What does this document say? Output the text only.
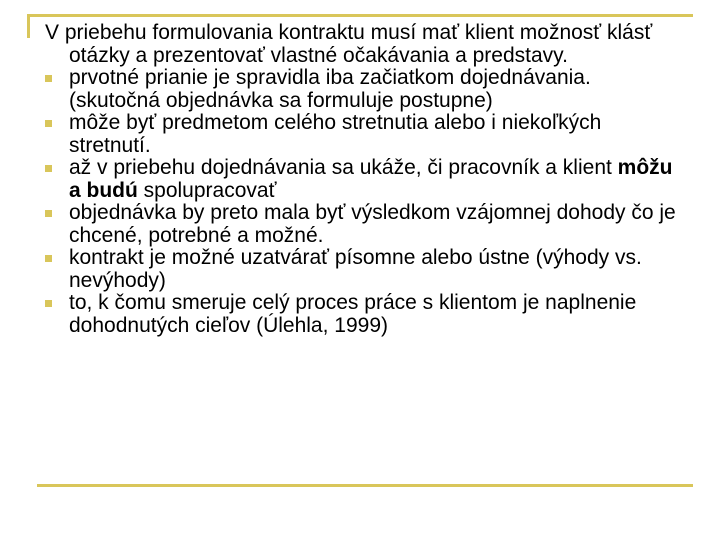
V priebehu formulovania kontraktu musí mať klient možnosť klásť otázky a prezentovať vlastné očakávania a predstavy.

prvotné prianie je spravidla iba začiatkom dojednávania. (skutočná objednávka sa formuluje postupne)
môže byť predmetom celého stretnutia alebo i niekoľkých stretnutí.
až v priebehu dojednávania sa ukáže, či pracovník a klient môžu a budú spolupracovať
objednávka by preto mala byť výsledkom vzájomnej dohody čo je chcené, potrebné a možné.
kontrakt je možné uzatvárať písomne alebo ústne (výhody vs. nevýhody)
to, k čomu smeruje celý proces práce s klientom je naplnenie dohodnutých cieľov (Úlehla, 1999)
